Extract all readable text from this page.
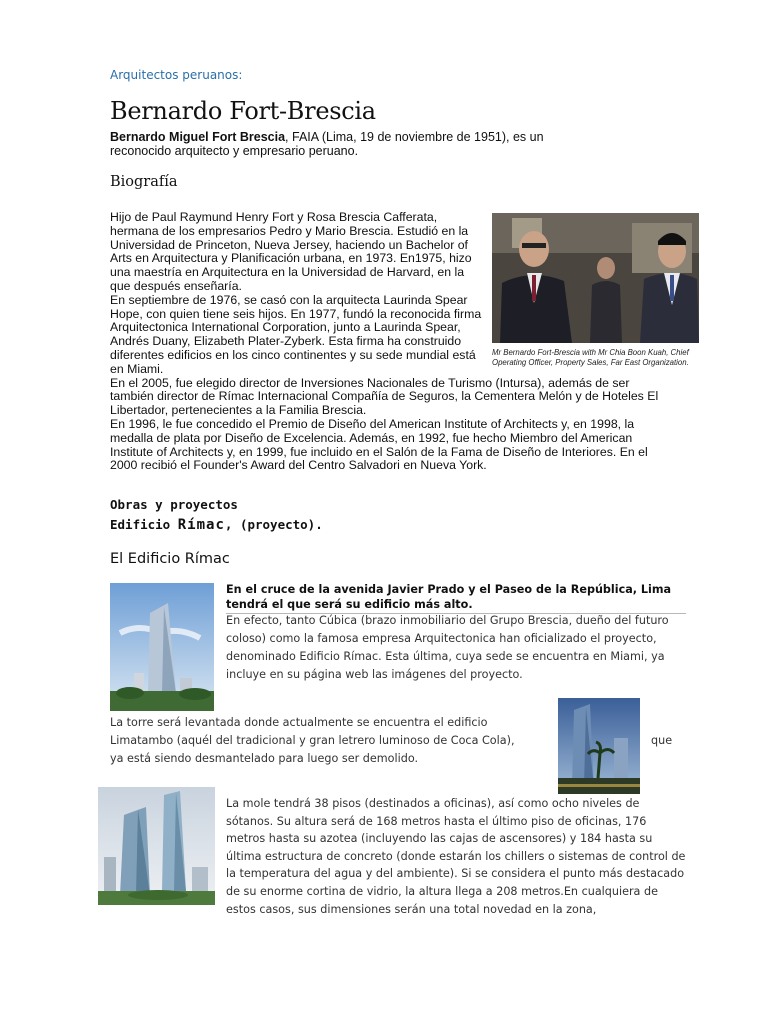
Arquitectos peruanos:
Bernardo Fort-Brescia
Bernardo Miguel Fort Brescia, FAIA (Lima, 19 de noviembre de 1951), es un reconocido arquitecto y empresario peruano.
Biografía

Hijo de Paul Raymund Henry Fort y Rosa Brescia Cafferata, hermana de los empresarios Pedro y Mario Brescia. Estudió en la Universidad de Princeton, Nueva Jersey, haciendo un Bachelor of Arts en Arquitectura y Planificación urbana, en 1973. En1975, hizo una maestría en Arquitectura en la Universidad de Harvard, en la que después enseñaría.

En septiembre de 1976, se casó con la arquitecta Laurinda Spear Hope, con quien tiene seis hijos. En 1977, fundó la reconocida firma Arquitectonica International Corporation, junto a Laurinda Spear, Andrés Duany, Elizabeth Plater-Zyberk. Esta firma ha construido diferentes edificios en los cinco continentes y su sede mundial está en Miami.

En el 2005, fue elegido director de Inversiones Nacionales de Turismo (Intursa), además de ser también director de Rímac Internacional Compañía de Seguros, la Cementera Melón y de Hoteles El Libertador, pertenecientes a la Familia Brescia.

En 1996, le fue concedido el Premio de Diseño del American Institute of Architects y, en 1998, la medalla de plata por Diseño de Excelencia. Además, en 1992, fue hecho Miembro del American Institute of Architects y, en 1999, fue incluido en el Salón de la Fama de Diseño de Interiores. En el 2000 recibió el Founder's Award del Centro Salvadori en Nueva York.

Mr Bernardo Fort-Brescia with Mr Chia Boon Kuah, Chief Operating Officer, Property Sales, Far East Organization.
Obras y proyectos
Edificio Rímac, (proyecto).
El Edificio Rímac
En el cruce de la avenida Javier Prado y el Paseo de la República, Lima tendrá el que será su edificio más alto.
En efecto, tanto Cúbica (brazo inmobiliario del Grupo Brescia, dueño del futuro coloso) como la famosa empresa Arquitectonica han oficializado el proyecto, denominado Edificio Rímac. Esta última, cuya sede se encuentra en Miami, ya incluye en su página web las imágenes del proyecto.
La torre será levantada donde actualmente se encuentra el edificio Limatambo (aquél del tradicional y gran letrero luminoso de Coca Cola),
ya está siendo desmantelado para luego ser demolido.
que
La mole tendrá 38 pisos (destinados a oficinas), así como ocho niveles de sótanos. Su altura será de 168 metros hasta el último piso de oficinas, 176 metros hasta su azotea (incluyendo las cajas de ascensores) y 184 hasta su última estructura de concreto (donde estarán los chillers o sistemas de control de la temperatura del agua y del ambiente). Si se considera el punto más destacado de su enorme cortina de vidrio, la altura llega a 208 metros.En cualquiera de estos casos, sus dimensiones serán una total novedad en la zona,
